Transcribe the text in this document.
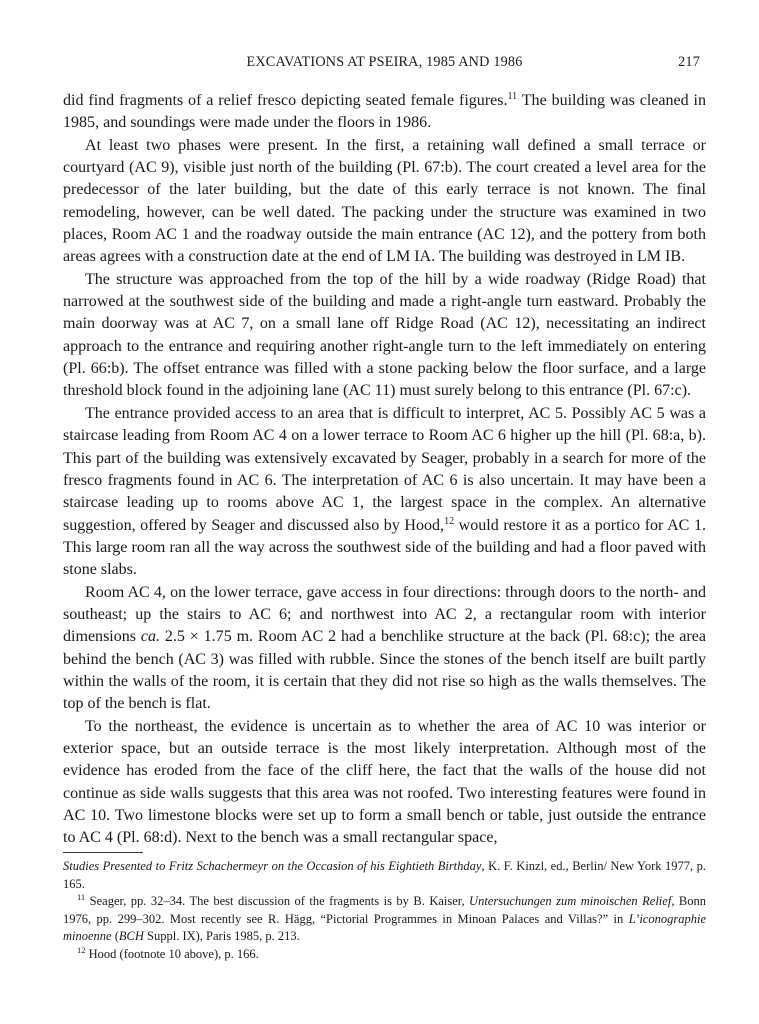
EXCAVATIONS AT PSEIRA, 1985 AND 1986	217

did find fragments of a relief fresco depicting seated female figures.$^{11}$ The building was cleaned in 1985, and soundings were made under the floors in 1986.

At least two phases were present. In the first, a retaining wall defined a small terrace or courtyard (AC 9), visible just north of the building (Pl. 67:b). The court created a level area for the predecessor of the later building, but the date of this early terrace is not known. The final remodeling, however, can be well dated. The packing under the structure was examined in two places, Room AC 1 and the roadway outside the main entrance (AC 12), and the pottery from both areas agrees with a construction date at the end of LM IA. The building was destroyed in LM IB.

The structure was approached from the top of the hill by a wide roadway (Ridge Road) that narrowed at the southwest side of the building and made a right-angle turn eastward. Probably the main doorway was at AC 7, on a small lane off Ridge Road (AC 12), necessitating an indirect approach to the entrance and requiring another right-angle turn to the left immediately on entering (Pl. 66:b). The offset entrance was filled with a stone packing below the floor surface, and a large threshold block found in the adjoining lane (AC 11) must surely belong to this entrance (Pl. 67:c).

The entrance provided access to an area that is difficult to interpret, AC 5. Possibly AC 5 was a staircase leading from Room AC 4 on a lower terrace to Room AC 6 higher up the hill (Pl. 68:a, b). This part of the building was extensively excavated by Seager, probably in a search for more of the fresco fragments found in AC 6. The interpretation of AC 6 is also uncertain. It may have been a staircase leading up to rooms above AC 1, the largest space in the complex. An alternative suggestion, offered by Seager and discussed also by Hood,$^{12}$ would restore it as a portico for AC 1. This large room ran all the way across the southwest side of the building and had a floor paved with stone slabs.

Room AC 4, on the lower terrace, gave access in four directions: through doors to the north- and southeast; up the stairs to AC 6; and northwest into AC 2, a rectangular room with interior dimensions ca. 2.5 × 1.75 m. Room AC 2 had a benchlike structure at the back (Pl. 68:c); the area behind the bench (AC 3) was filled with rubble. Since the stones of the bench itself are built partly within the walls of the room, it is certain that they did not rise so high as the walls themselves. The top of the bench is flat.

To the northeast, the evidence is uncertain as to whether the area of AC 10 was interior or exterior space, but an outside terrace is the most likely interpretation. Although most of the evidence has eroded from the face of the cliff here, the fact that the walls of the house did not continue as side walls suggests that this area was not roofed. Two interesting features were found in AC 10. Two limestone blocks were set up to form a small bench or table, just outside the entrance to AC 4 (Pl. 68:d). Next to the bench was a small rectangular space,

Studies Presented to Fritz Schachermeyr on the Occasion of his Eightieth Birthday, K. F. Kinzl, ed., Berlin/ New York 1977, p. 165.

$^{11}$ Seager, pp. 32–34. The best discussion of the fragments is by B. Kaiser, Untersuchungen zum minoischen Relief, Bonn 1976, pp. 299–302. Most recently see R. Hägg, “Pictorial Programmes in Minoan Palaces and Villas?” in L’iconographie minoenne (BCH Suppl. IX), Paris 1985, p. 213.

$^{12}$ Hood (footnote 10 above), p. 166.
